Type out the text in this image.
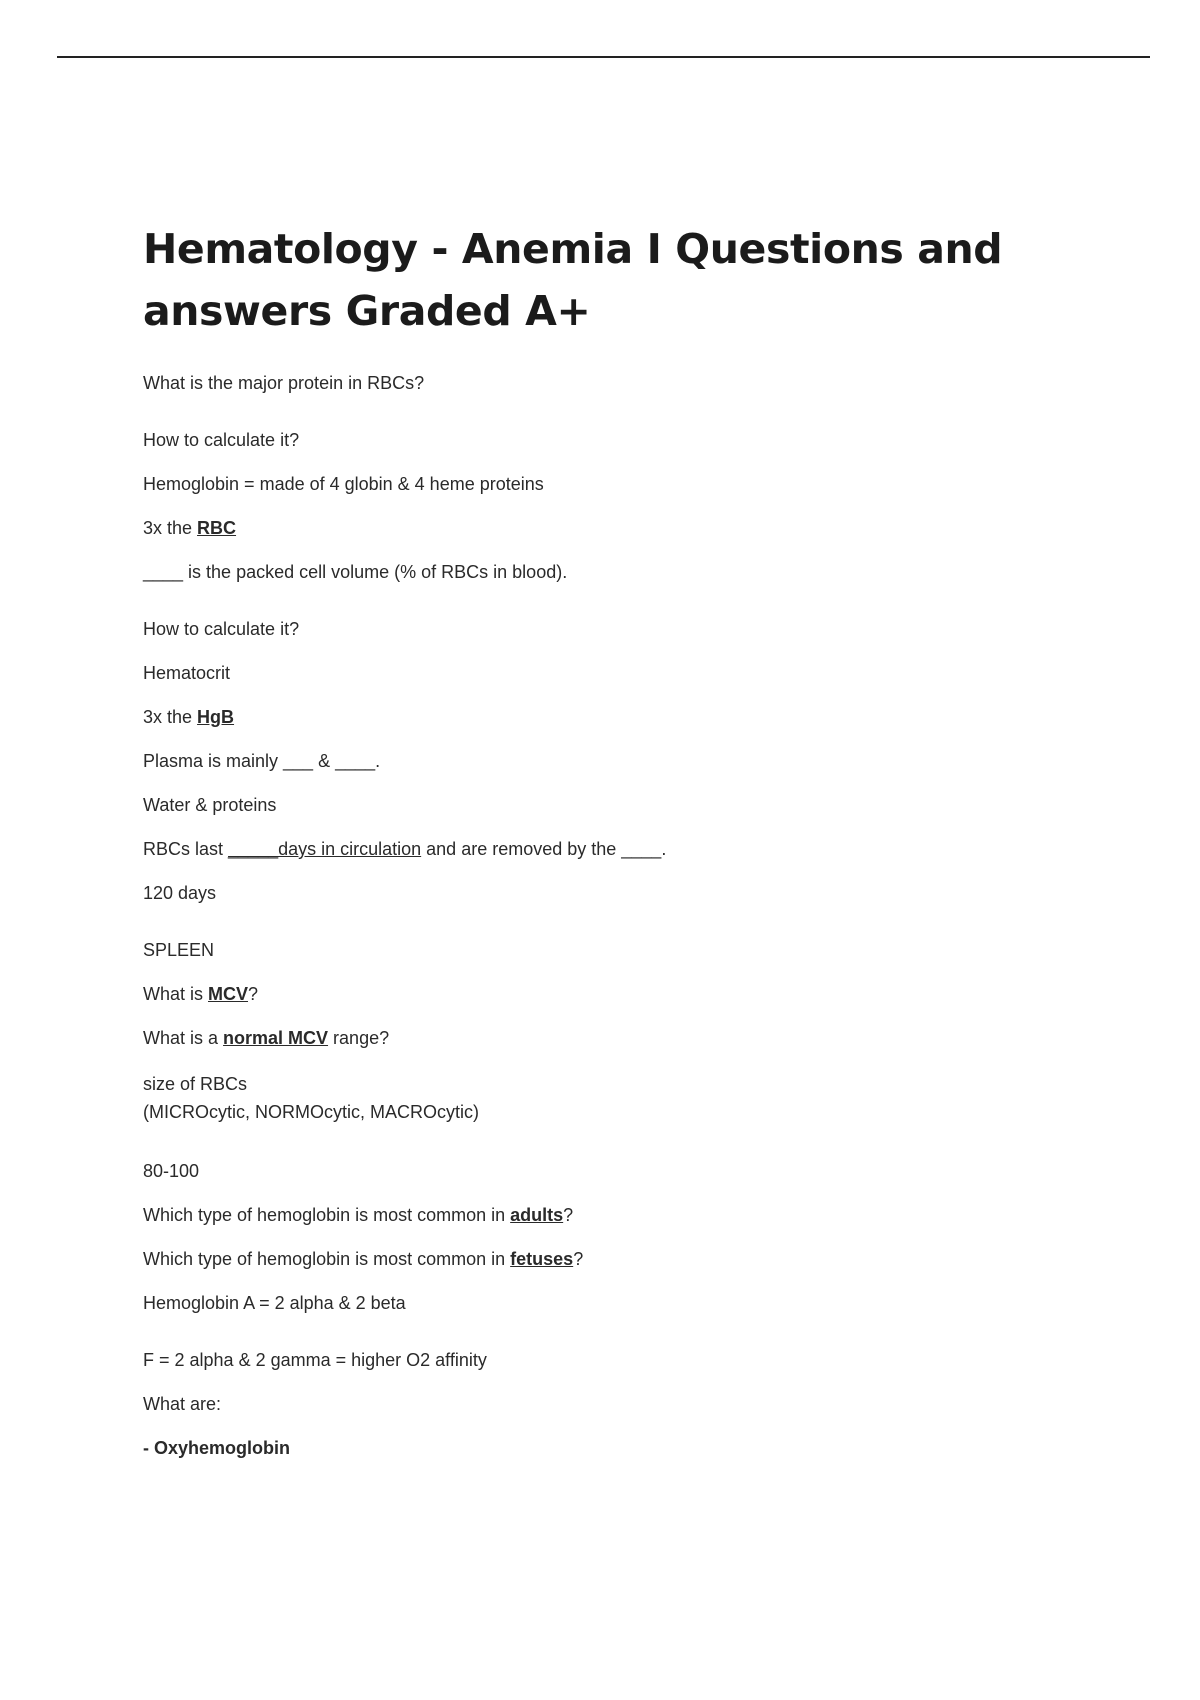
Hematology - Anemia I Questions and answers Graded A+

What is the major protein in RBCs?

How to calculate it?

Hemoglobin = made of 4 globin & 4 heme proteins

3x the RBC

____ is the packed cell volume (% of RBCs in blood).

How to calculate it?

Hematocrit

3x the HgB

Plasma is mainly ___ & ____.

Water & proteins

RBCs last _____days in circulation and are removed by the ____.

120 days

SPLEEN

What is MCV?

What is a normal MCV range?

size of RBCs
(MICROcytic, NORMOcytic, MACROcytic)

80-100

Which type of hemoglobin is most common in adults?

Which type of hemoglobin is most common in fetuses?

Hemoglobin A = 2 alpha & 2 beta

F = 2 alpha & 2 gamma = higher O2 affinity

What are:

- Oxyhemoglobin
